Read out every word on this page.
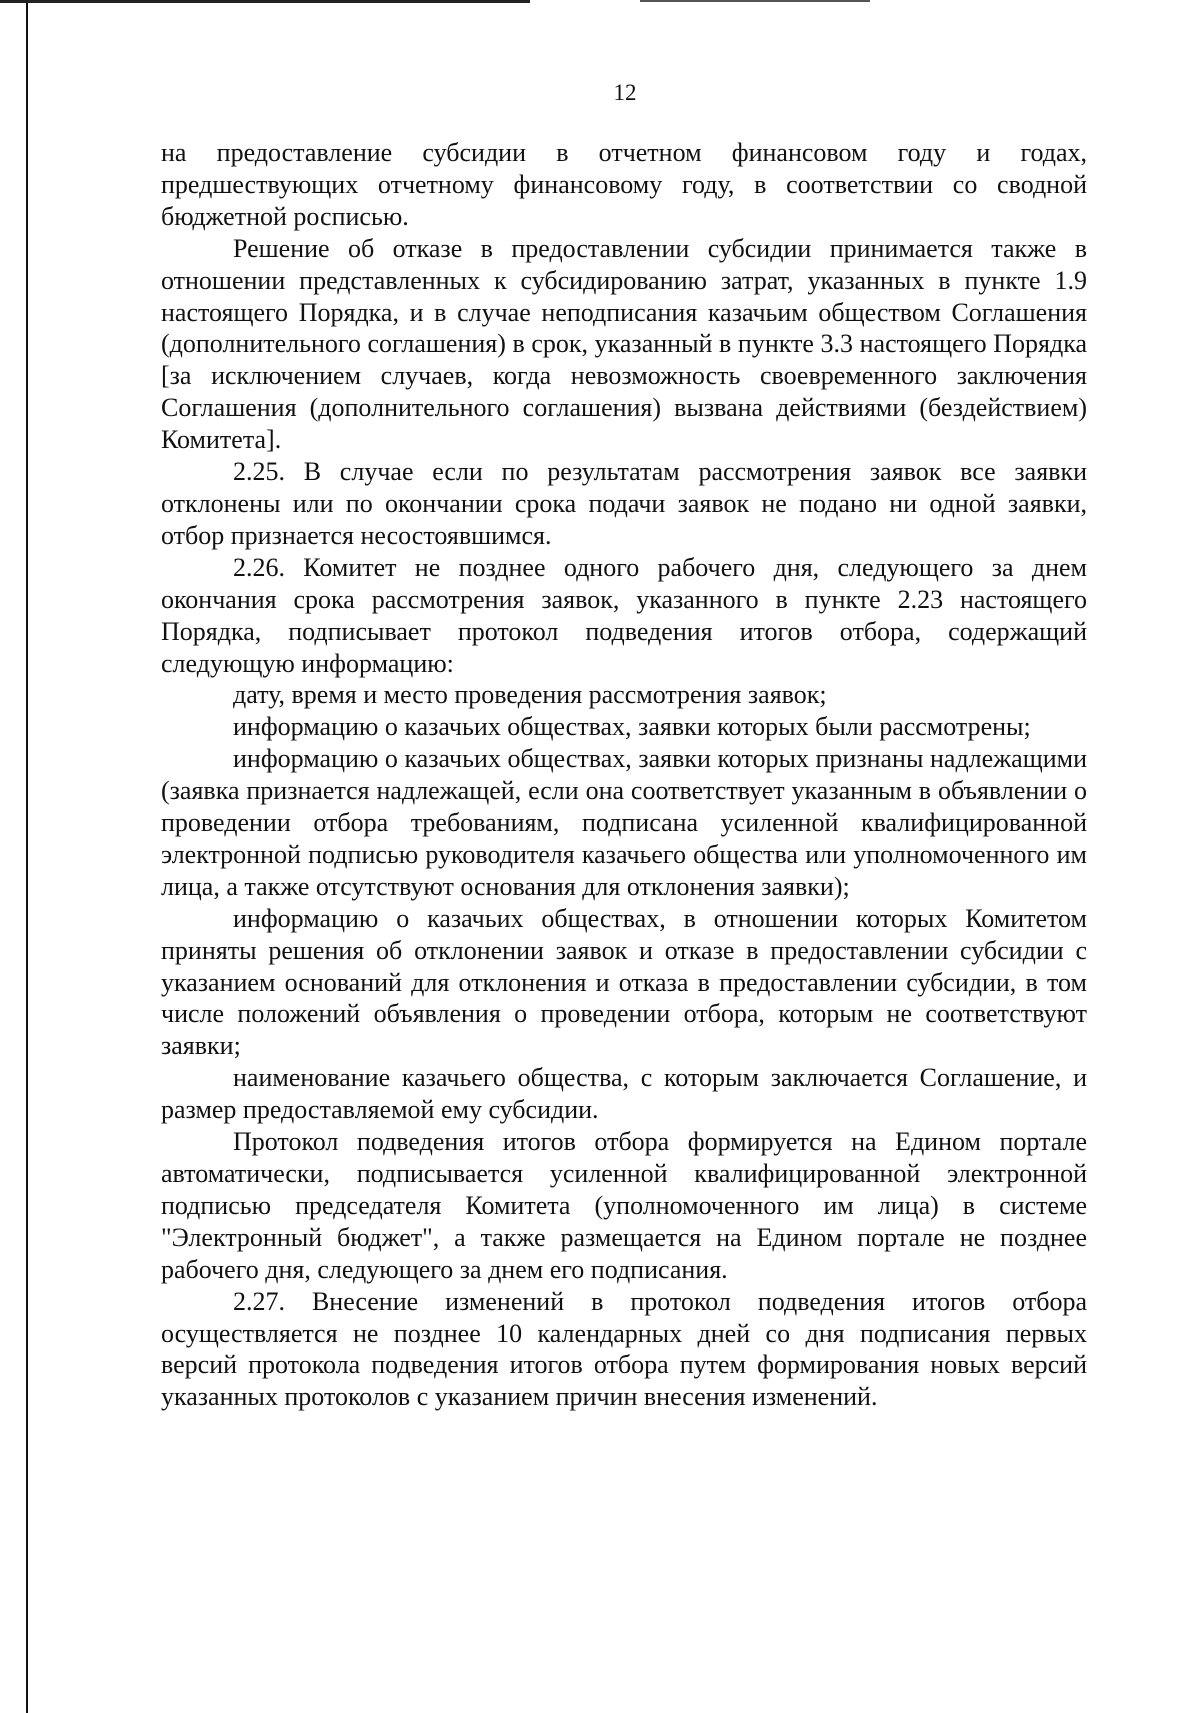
12

на предоставление субсидии в отчетном финансовом году и годах, предшествующих отчетному финансовому году, в соответствии со сводной бюджетной росписью.

Решение об отказе в предоставлении субсидии принимается также в отношении представленных к субсидированию затрат, указанных в пункте 1.9 настоящего Порядка, и в случае неподписания казачьим обществом Соглашения (дополнительного соглашения) в срок, указанный в пункте 3.3 настоящего Порядка [за исключением случаев, когда невозможность своевременного заключения Соглашения (дополнительного соглашения) вызвана действиями (бездействием) Комитета].

2.25. В случае если по результатам рассмотрения заявок все заявки отклонены или по окончании срока подачи заявок не подано ни одной заявки, отбор признается несостоявшимся.

2.26. Комитет не позднее одного рабочего дня, следующего за днем окончания срока рассмотрения заявок, указанного в пункте 2.23 настоящего Порядка, подписывает протокол подведения итогов отбора, содержащий следующую информацию:

дату, время и место проведения рассмотрения заявок;

информацию о казачьих обществах, заявки которых были рассмотрены;

информацию о казачьих обществах, заявки которых признаны надлежащими (заявка признается надлежащей, если она соответствует указанным в объявлении о проведении отбора требованиям, подписана усиленной квалифицированной электронной подписью руководителя казачьего общества или уполномоченного им лица, а также отсутствуют основания для отклонения заявки);

информацию о казачьих обществах, в отношении которых Комитетом приняты решения об отклонении заявок и отказе в предоставлении субсидии с указанием оснований для отклонения и отказа в предоставлении субсидии, в том числе положений объявления о проведении отбора, которым не соответствуют заявки;

наименование казачьего общества, с которым заключается Соглашение, и размер предоставляемой ему субсидии.

Протокол подведения итогов отбора формируется на Едином портале автоматически, подписывается усиленной квалифицированной электронной подписью председателя Комитета (уполномоченного им лица) в системе "Электронный бюджет", а также размещается на Едином портале не позднее рабочего дня, следующего за днем его подписания.

2.27. Внесение изменений в протокол подведения итогов отбора осуществляется не позднее 10 календарных дней со дня подписания первых версий протокола подведения итогов отбора путем формирования новых версий указанных протоколов с указанием причин внесения изменений.
